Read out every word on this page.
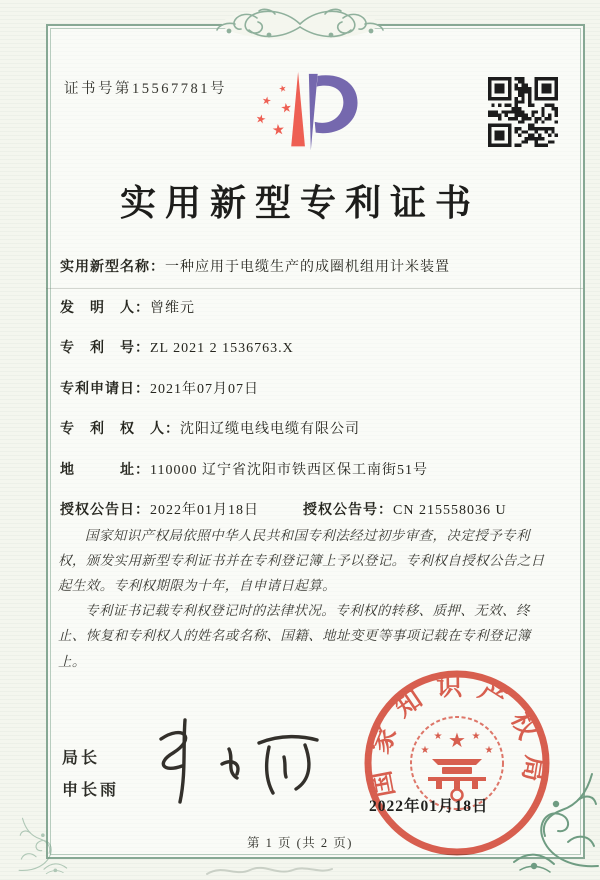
证书号第15567781号	★
★ ★
★
★
实用新型专利证书
实用新型名称：一种应用于电缆生产的成圈机组用计米装置
发　明　人：曾维元
专　利　号：ZL 2021 2 1536763.X
专利申请日：2021年07月07日
专　利　权　人：沈阳辽缆电线电缆有限公司
地　　　址：110000 辽宁省沈阳市铁西区保工南街51号
授权公告日：2022年01月18日	授权公告号：CN 215558036 U

国家知识产权局依照中华人民共和国专利法经过初步审查，决定授予专利权，颁发实用新型专利证书并在专利登记簿上予以登记。专利权自授权公告之日起生效。专利权期限为十年，自申请日起算。

专利证书记载专利权登记时的法律状况。专利权的转移、质押、无效、终止、恢复和专利权人的姓名或名称、国籍、地址变更等事项记载在专利登记簿上。

局长
申长雨	国家知识产权局
★
★
★
★
★
2022年01月18日
第 1 页 (共 2 页)
